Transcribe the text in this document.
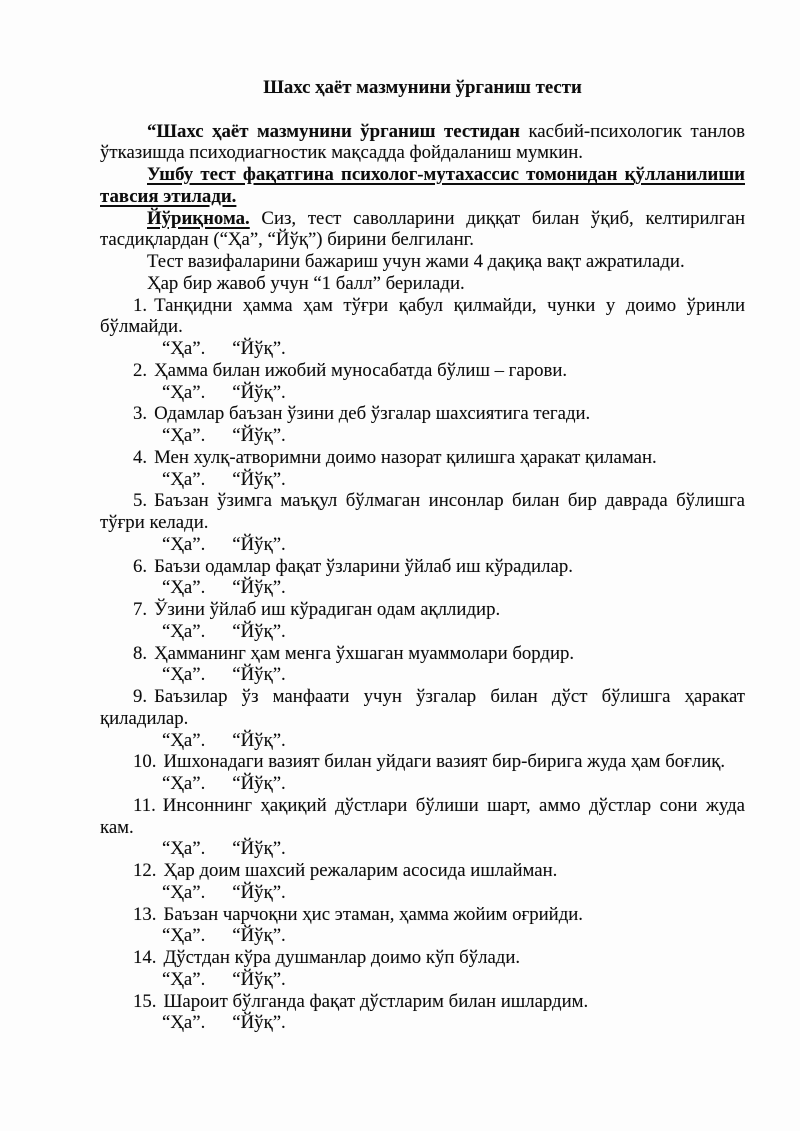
Шахс ҳаёт мазмунини ўрганиш тести

“Шахс ҳаёт мазмунини ўрганиш тестидан касбий-психологик танлов ўтказишда психодиагностик мақсадда фойдаланиш мумкин.

Ушбу тест фақатгина психолог-мутахассис томонидан қўлланилиши тавсия этилади.

Йўриқнома. Сиз, тест саволларини диққат билан ўқиб, келтирилган тасдиқлардан (“Ҳа”, “Йўқ”) бирини белгиланг.

Тест вазифаларини бажариш учун жами 4 дақиқа вақт ажратилади.

Ҳар бир жавоб учун “1 балл” берилади.

1. Танқидни ҳамма ҳам тўғри қабул қилмайди, чунки у доимо ўринли бўлмайди.

“Ҳа”. “Йўқ”.

2. Ҳамма билан ижобий муносабатда бўлиш – гарови.

“Ҳа”. “Йўқ”.

3. Одамлар баъзан ўзини деб ўзгалар шахсиятига тегади.

“Ҳа”. “Йўқ”.

4. Мен хулқ-атворимни доимо назорат қилишга ҳаракат қиламан.

“Ҳа”. “Йўқ”.

5. Баъзан ўзимга маъқул бўлмаган инсонлар билан бир даврада бўлишга тўғри келади.

“Ҳа”. “Йўқ”.

6. Баъзи одамлар фақат ўзларини ўйлаб иш кўрадилар.

“Ҳа”. “Йўқ”.

7. Ўзини ўйлаб иш кўрадиган одам ақллидир.

“Ҳа”. “Йўқ”.

8. Ҳамманинг ҳам менга ўхшаган муаммолари бордир.

“Ҳа”. “Йўқ”.

9. Баъзилар ўз манфаати учун ўзгалар билан дўст бўлишга ҳаракат қиладилар.

“Ҳа”. “Йўқ”.

10. Ишхонадаги вазият билан уйдаги вазият бир-бирига жуда ҳам боғлиқ.

“Ҳа”. “Йўқ”.

11. Инсоннинг ҳақиқий дўстлари бўлиши шарт, аммо дўстлар сони жуда кам.

“Ҳа”. “Йўқ”.

12. Ҳар доим шахсий режаларим асосида ишлайман.

“Ҳа”. “Йўқ”.

13. Баъзан чарчоқни ҳис этаман, ҳамма жойим оғрийди.

“Ҳа”. “Йўқ”.

14. Дўстдан кўра душманлар доимо кўп бўлади.

“Ҳа”. “Йўқ”.

15. Шароит бўлганда фақат дўстларим билан ишлардим.

“Ҳа”. “Йўқ”.
